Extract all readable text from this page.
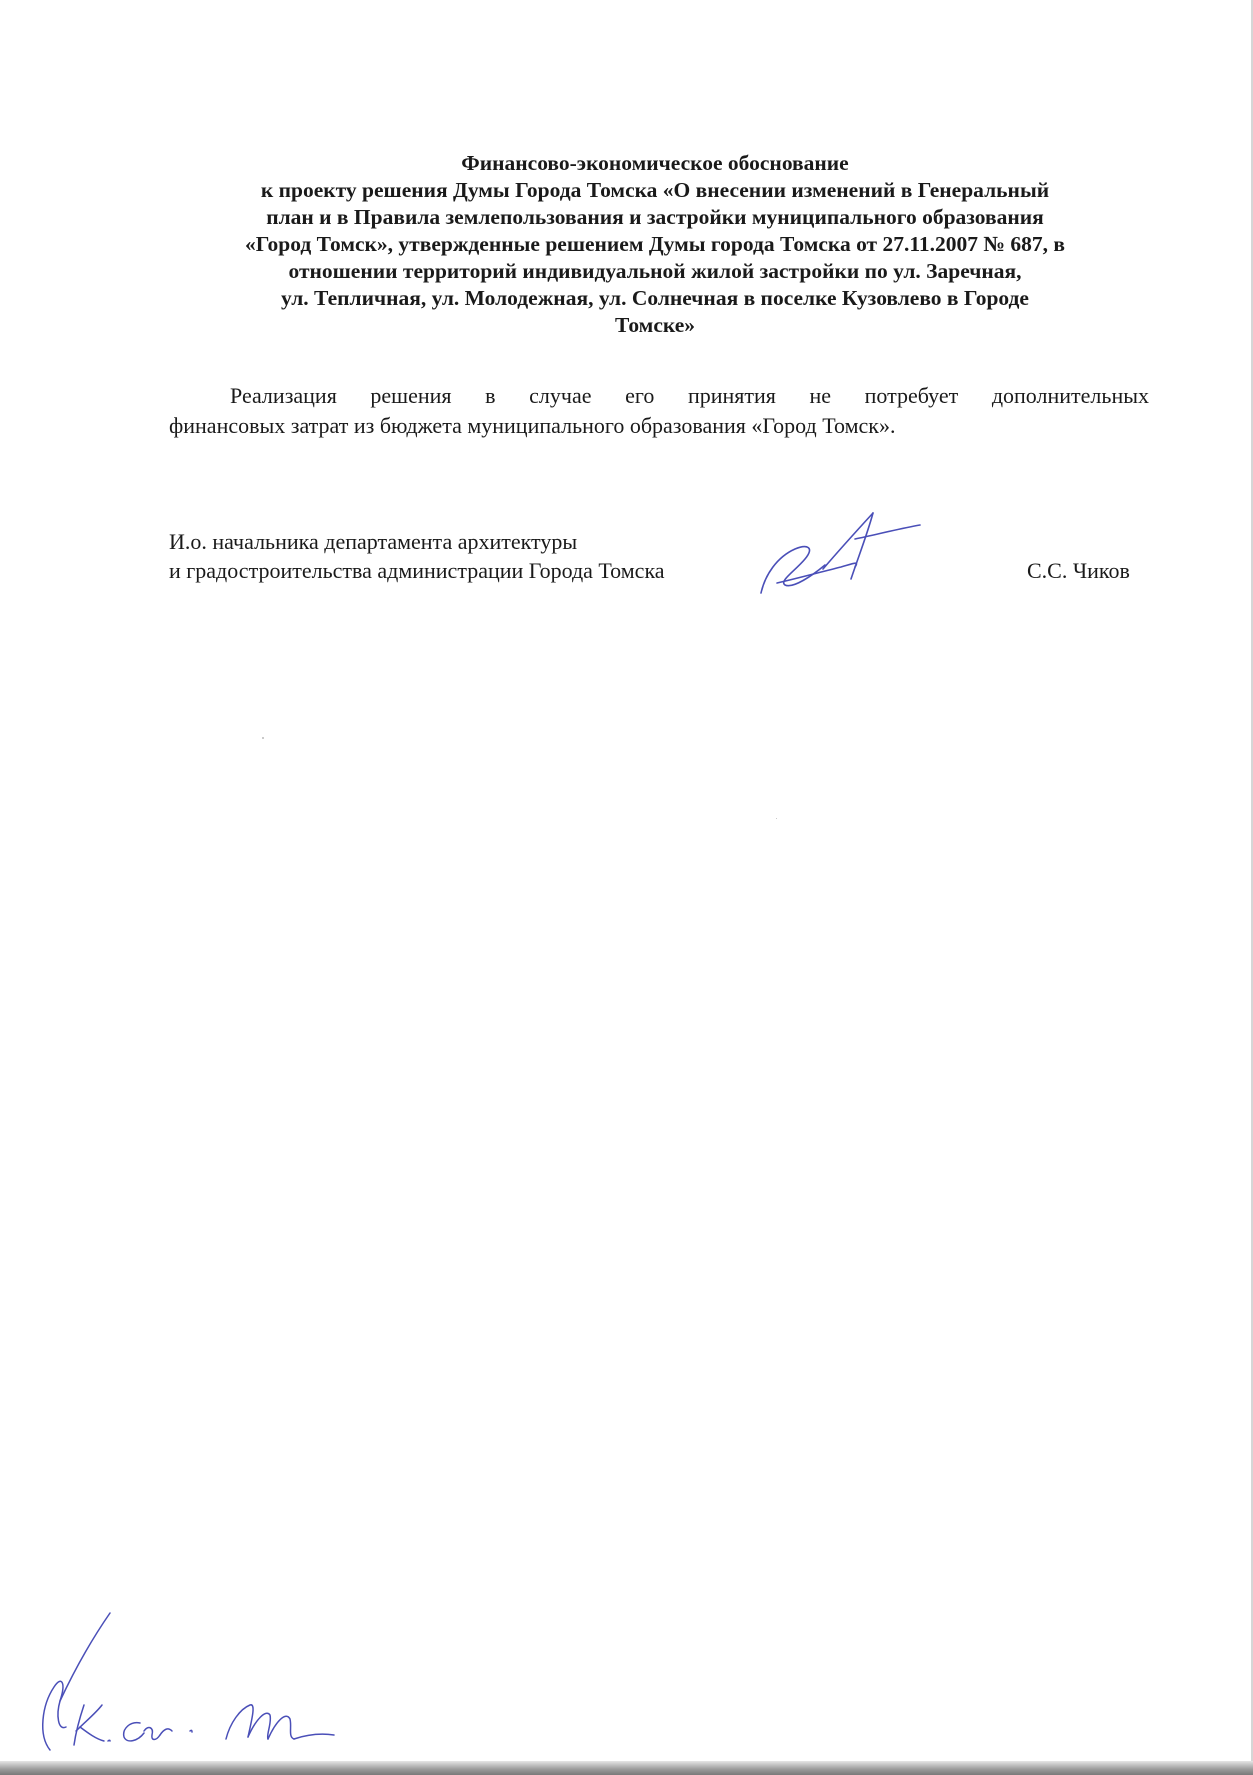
Финансово-экономическое обоснование
к проекту решения Думы Города Томска «О внесении изменений в Генеральный
план и в Правила землепользования и застройки муниципального образования
«Город Томск», утвержденные решением Думы города Томска от 27.11.2007 № 687, в
отношении территорий индивидуальной жилой застройки по ул. Заречная,
ул. Тепличная, ул. Молодежная, ул. Солнечная в поселке Кузовлево в Городе
Томске»
Реализация решения в случае его принятия не потребует дополнительных
финансовых затрат из бюджета муниципального образования «Город Томск».
И.о. начальника департамента архитектуры
и градостроительства администрации Города Томска	С.С. Чиков
